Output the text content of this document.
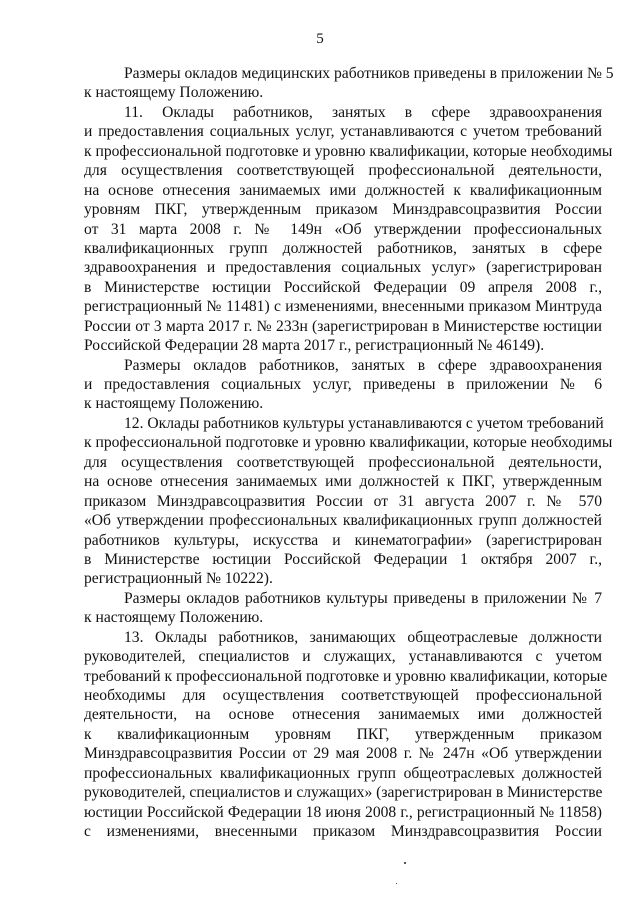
5
Размеры окладов медицинских работников приведены в приложении № 5
к настоящему Положению.
11. Оклады работников, занятых в сфере здравоохранения
и предоставления социальных услуг, устанавливаются с учетом требований
к профессиональной подготовке и уровню квалификации, которые необходимы
для осуществления соответствующей профессиональной деятельности,
на основе отнесения занимаемых ими должностей к квалификационным
уровням ПКГ, утвержденным приказом Минздравсоцразвития России
от 31 марта 2008 г. № 149н «Об утверждении профессиональных
квалификационных групп должностей работников, занятых в сфере
здравоохранения и предоставления социальных услуг» (зарегистрирован
в Министерстве юстиции Российской Федерации 09 апреля 2008 г.,
регистрационный № 11481) с изменениями, внесенными приказом Минтруда
России от 3 марта 2017 г. № 233н (зарегистрирован в Министерстве юстиции
Российской Федерации 28 марта 2017 г., регистрационный № 46149).
Размеры окладов работников, занятых в сфере здравоохранения
и предоставления социальных услуг, приведены в приложении № 6
к настоящему Положению.
12. Оклады работников культуры устанавливаются с учетом требований
к профессиональной подготовке и уровню квалификации, которые необходимы
для осуществления соответствующей профессиональной деятельности,
на основе отнесения занимаемых ими должностей к ПКГ, утвержденным
приказом Минздравсоцразвития России от 31 августа 2007 г. № 570
«Об утверждении профессиональных квалификационных групп должностей
работников культуры, искусства и кинематографии» (зарегистрирован
в Министерстве юстиции Российской Федерации 1 октября 2007 г.,
регистрационный № 10222).
Размеры окладов работников культуры приведены в приложении № 7
к настоящему Положению.
13. Оклады работников, занимающих общеотраслевые должности
руководителей, специалистов и служащих, устанавливаются с учетом
требований к профессиональной подготовке и уровню квалификации, которые
необходимы для осуществления соответствующей профессиональной
деятельности, на основе отнесения занимаемых ими должностей
к квалификационным уровням ПКГ, утвержденным приказом
Минздравсоцразвития России от 29 мая 2008 г. № 247н «Об утверждении
профессиональных квалификационных групп общеотраслевых должностей
руководителей, специалистов и служащих» (зарегистрирован в Министерстве
юстиции Российской Федерации 18 июня 2008 г., регистрационный № 11858)
с изменениями, внесенными приказом Минздравсоцразвития России
